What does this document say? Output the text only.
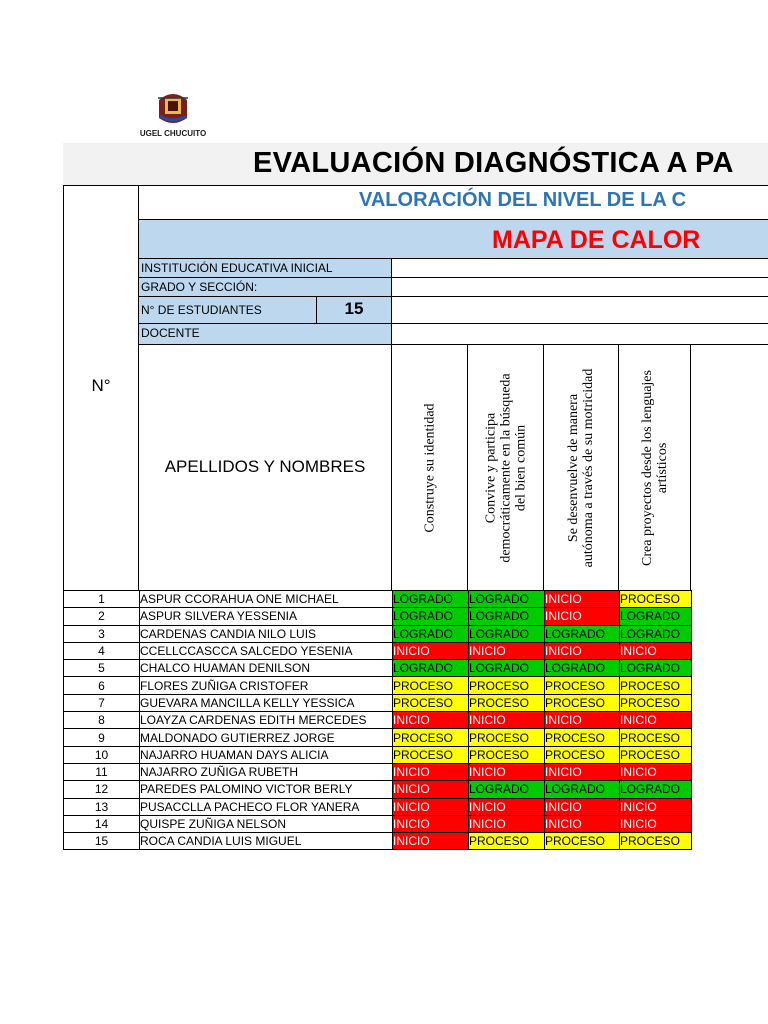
UGEL CHUCUITO
EVALUACIÓN DIAGNÓSTICA A PA
N°
VALORACIÓN DEL NIVEL DE LA C
MAPA DE CALOR
INSTITUCIÓN EDUCATIVA INICIAL
GRADO Y SECCIÓN:
N° DE ESTUDIANTES	15
DOCENTE
APELLIDOS Y NOMBRES	Construye su identidad	Convive y participa democráticamente en la búsqueda del bien común	Se desenvuelve de manera autónoma a través de su motricidad	Crea proyectos desde los lenguajes artísticos
1	ASPUR CCORAHUA ONE MICHAEL	LOGRADO	LOGRADO	INICIO	PROCESO
2	ASPUR SILVERA YESSENIA	LOGRADO	LOGRADO	INICIO	LOGRADO
3	CARDENAS CANDIA NILO LUIS	LOGRADO	LOGRADO	LOGRADO	LOGRADO
4	CCELLCCASCCA SALCEDO YESENIA	INICIO	INICIO	INICIO	INICIO
5	CHALCO HUAMAN DENILSON	LOGRADO	LOGRADO	LOGRADO	LOGRADO
6	FLORES ZUÑIGA CRISTOFER	PROCESO	PROCESO	PROCESO	PROCESO
7	GUEVARA MANCILLA KELLY YESSICA	PROCESO	PROCESO	PROCESO	PROCESO
8	LOAYZA CARDENAS EDITH MERCEDES	INICIO	INICIO	INICIO	INICIO
9	MALDONADO GUTIERREZ JORGE	PROCESO	PROCESO	PROCESO	PROCESO
10	NAJARRO HUAMAN DAYS ALICIA	PROCESO	PROCESO	PROCESO	PROCESO
11	NAJARRO ZUÑIGA RUBETH	INICIO	INICIO	INICIO	INICIO
12	PAREDES PALOMINO VICTOR BERLY	INICIO	LOGRADO	LOGRADO	LOGRADO
13	PUSACCLLA PACHECO FLOR YANERA	INICIO	INICIO	INICIO	INICIO
14	QUISPE ZUÑIGA NELSON	INICIO	INICIO	INICIO	INICIO
15	ROCA CANDIA LUIS MIGUEL	INICIO	PROCESO	PROCESO	PROCESO
